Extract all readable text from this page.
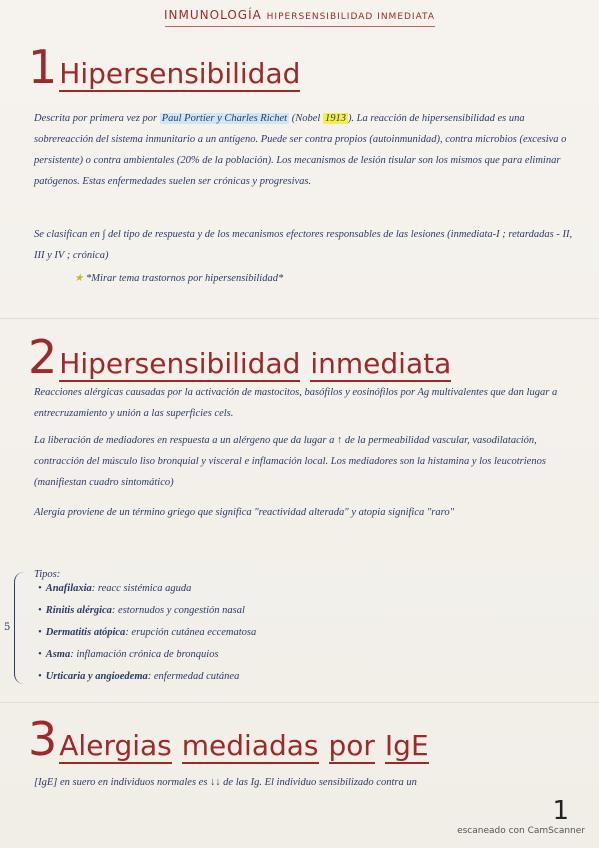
INMUNOLOGÍA HIPERSENSIBILIDAD INMEDIATA
1 Hipersensibilidad
Descrita por primera vez por Paul Portier y Charles Richet (Nobel 1913 ). La reacción de hipersensibilidad es una sobrereacción del sistema inmunitario a un antígeno. Puede ser contra propios (autoinmunidad), contra microbios (excesiva o persistente) o contra ambientales (20% de la población). Los mecanismos de lesión tisular son los mismos que para eliminar patógenos. Estas enfermedades suelen ser crónicas y progresivas.
Se clasifican en ∫ del tipo de respuesta y de los mecanismos efectores responsables de las lesiones (inmediata-I ; retardadas - II, III y IV ; crónica)
★ *Mirar tema trastornos por hipersensibilidad*
2 Hipersensibilidad inmediata
Reacciones alérgicas causadas por la activación de mastocitos, basófilos y eosinófilos por Ag multivalentes que dan lugar a entrecruzamiento y unión a las superficies cels.
La liberación de mediadores en respuesta a un alérgeno que da lugar a ↑ de la permeabilidad vascular, vasodilatación, contracción del músculo liso bronquial y visceral e inflamación local. Los mediadores son la histamina y los leucotrienos (manifiestan cuadro sintomático)
Alergia proviene de un término griego que significa "reactividad alterada" y atopia significa "raro"
Tipos:
5
• Anafilaxia: reacc sistémica aguda
• Rinitis alérgica: estornudos y congestión nasal
• Dermatitis atópica: erupción cutánea eccematosa
• Asma: inflamación crónica de bronquios
• Urticaria y angioedema: enfermedad cutánea
3 Alergias mediadas por IgE
[IgE] en suero en individuos normales es ↓↓ de las Ig. El individuo sensibilizado contra un
1
escaneado con CamScanner
